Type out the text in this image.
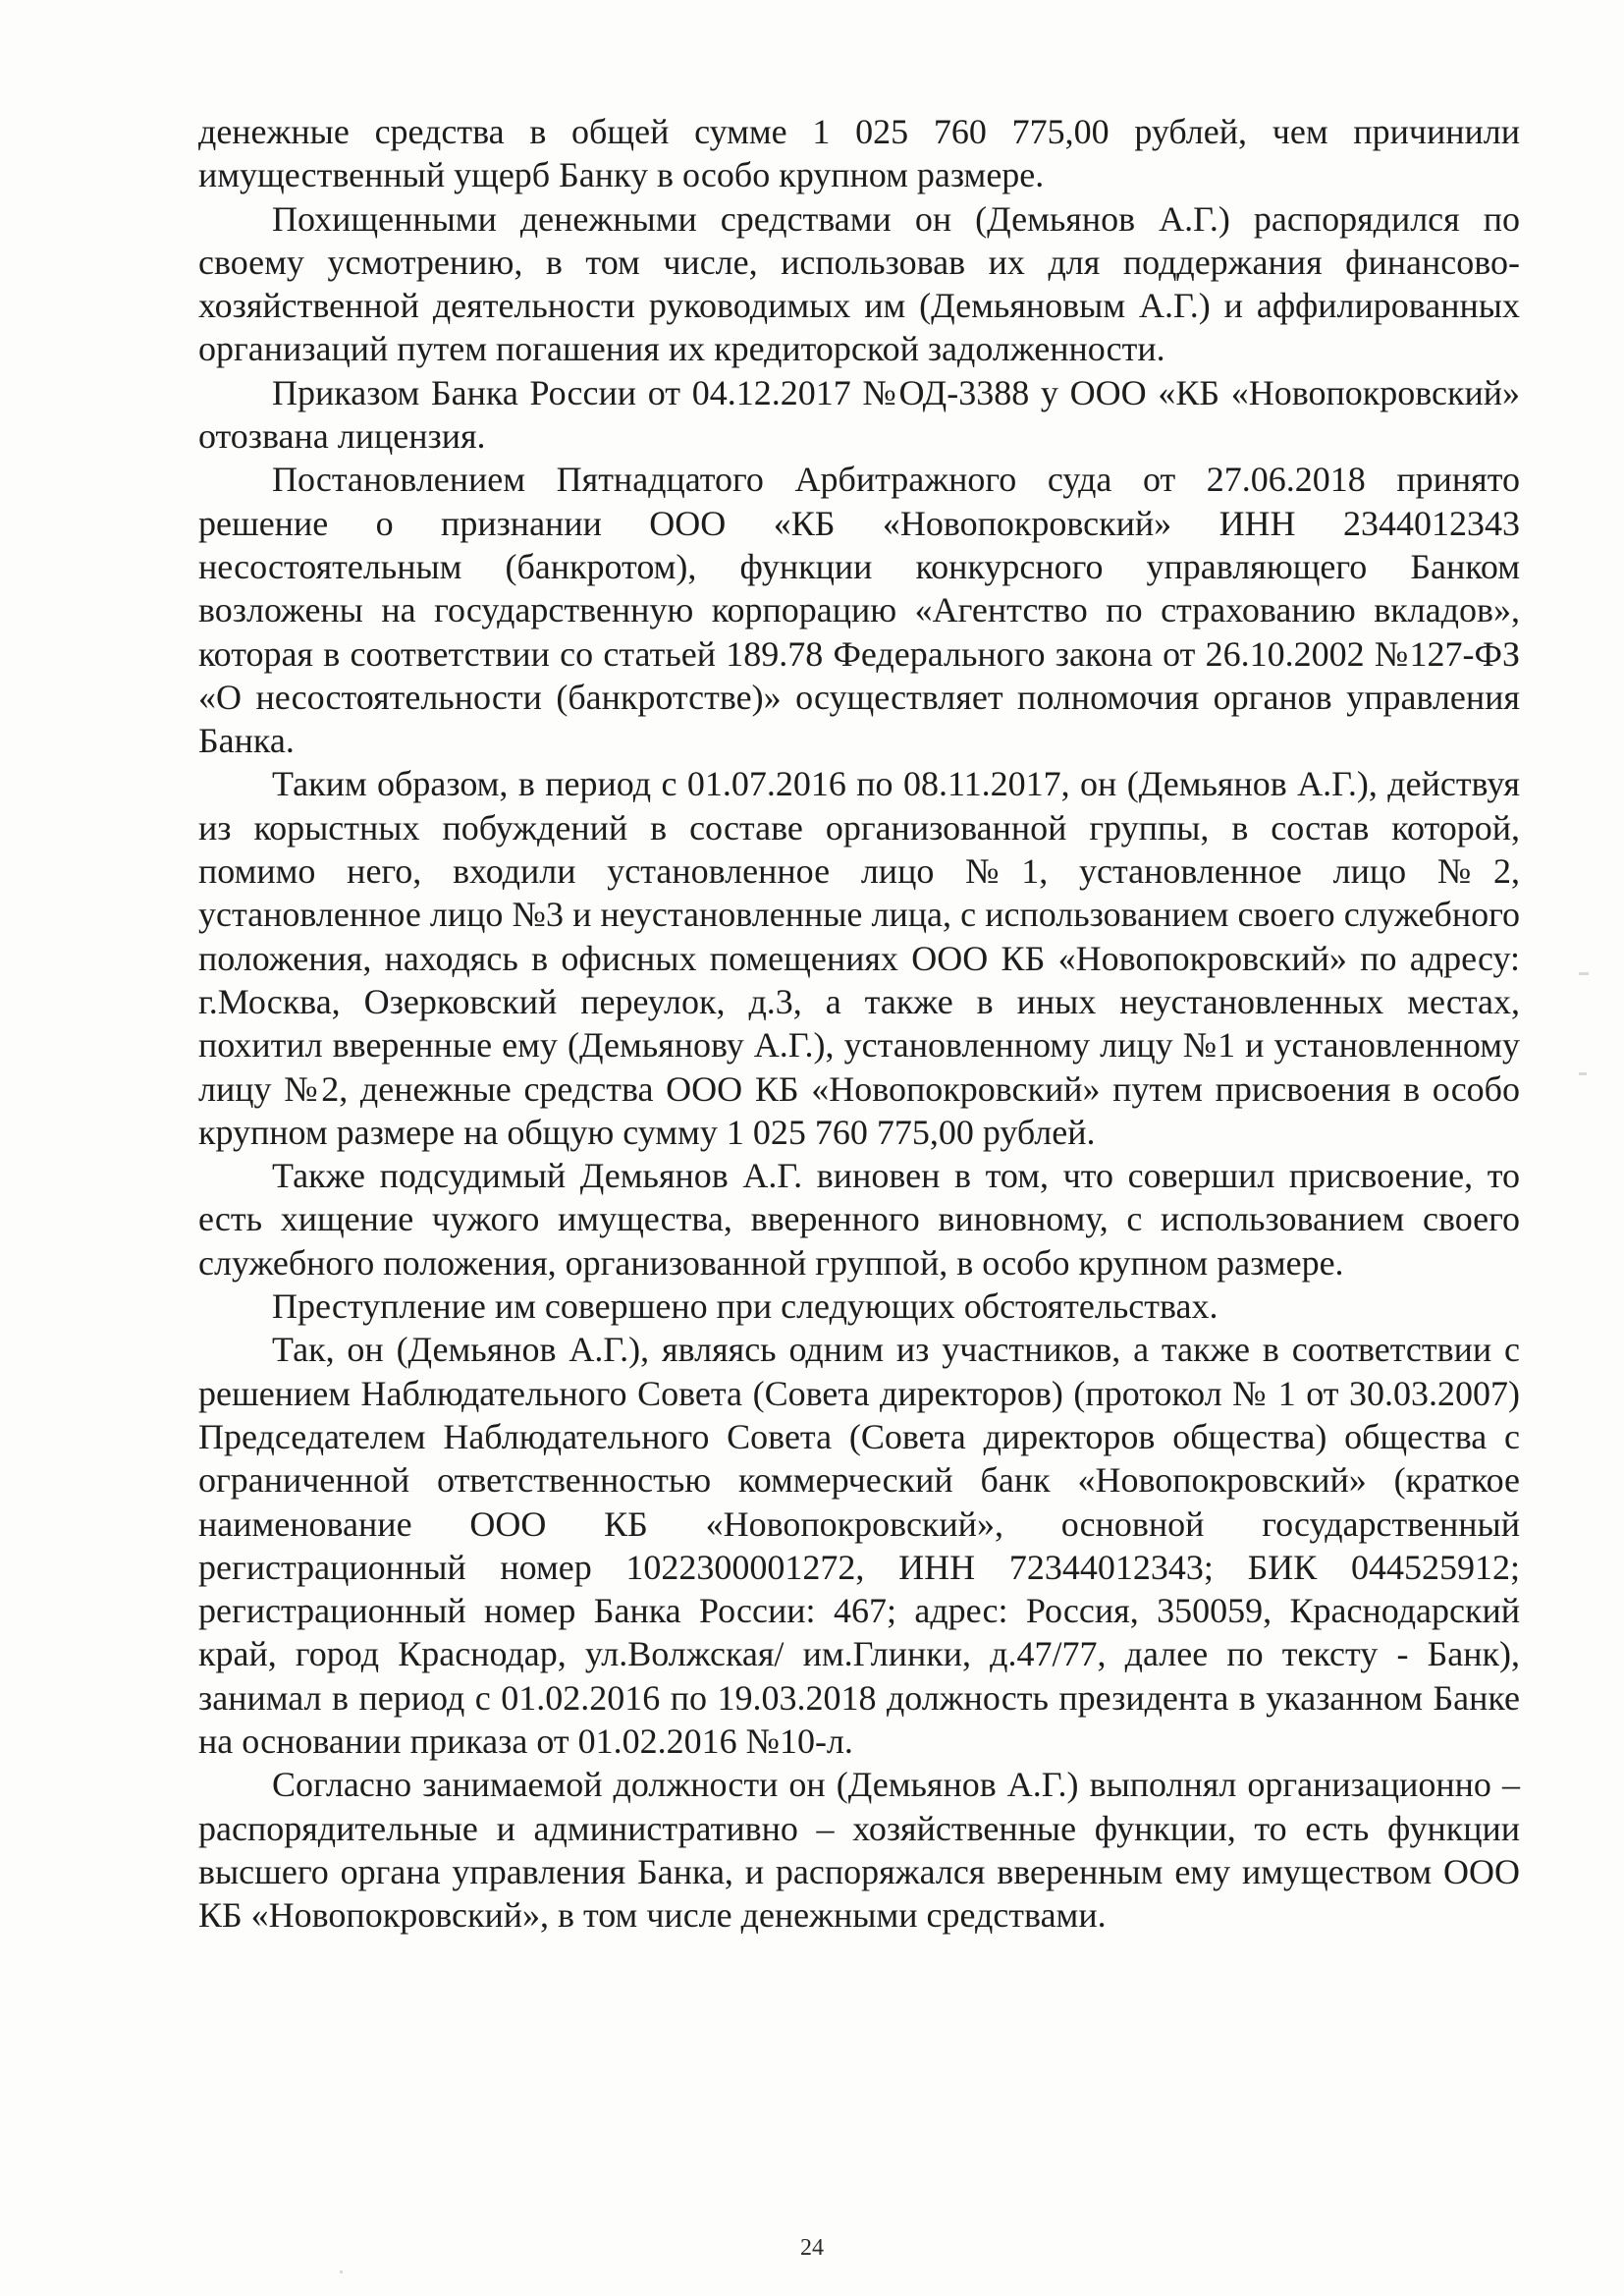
денежные средства в общей сумме 1 025 760 775,00 рублей, чем причинили имущественный ущерб Банку в особо крупном размере.

Похищенными денежными средствами он (Демьянов А.Г.) распорядился по своему усмотрению, в том числе, использовав их для поддержания финансово-хозяйственной деятельности руководимых им (Демьяновым А.Г.) и аффилированных организаций путем погашения их кредиторской задолженности.

Приказом Банка России от 04.12.2017 №ОД-3388 у ООО «КБ «Новопокровский» отозвана лицензия.

Постановлением Пятнадцатого Арбитражного суда от 27.06.2018 принято решение о признании ООО «КБ «Новопокровский» ИНН 2344012343 несостоятельным (банкротом), функции конкурсного управляющего Банком возложены на государственную корпорацию «Агентство по страхованию вкладов», которая в соответствии со статьей 189.78 Федерального закона от 26.10.2002 №127-ФЗ «О несостоятельности (банкротстве)» осуществляет полномочия органов управления Банка.

Таким образом, в период с 01.07.2016 по 08.11.2017, он (Демьянов А.Г.), действуя из корыстных побуждений в составе организованной группы, в состав которой, помимо него, входили установленное лицо №1, установленное лицо №2, установленное лицо №3 и неустановленные лица, с использованием своего служебного положения, находясь в офисных помещениях ООО КБ «Новопокровский» по адресу: г.Москва, Озерковский переулок, д.3, а также в иных неустановленных местах, похитил вверенные ему (Демьянову А.Г.), установленному лицу №1 и установленному лицу №2, денежные средства ООО КБ «Новопокровский» путем присвоения в особо крупном размере на общую сумму 1 025 760 775,00 рублей.

Также подсудимый Демьянов А.Г. виновен в том, что совершил присвоение, то есть хищение чужого имущества, вверенного виновному, с использованием своего служебного положения, организованной группой, в особо крупном размере.

Преступление им совершено при следующих обстоятельствах.

Так, он (Демьянов А.Г.), являясь одним из участников, а также в соответствии с решением Наблюдательного Совета (Совета директоров) (протокол № 1 от 30.03.2007) Председателем Наблюдательного Совета (Совета директоров общества) общества с ограниченной ответственностью коммерческий банк «Новопокровский» (краткое наименование ООО КБ «Новопокровский», основной государственный регистрационный номер 1022300001272, ИНН 72344012343; БИК 044525912; регистрационный номер Банка России: 467; адрес: Россия, 350059, Краснодарский край, город Краснодар, ул.Волжская/ им.Глинки, д.47/77, далее по тексту - Банк), занимал в период с 01.02.2016 по 19.03.2018 должность президента в указанном Банке на основании приказа от 01.02.2016 №10-л.

Согласно занимаемой должности он (Демьянов А.Г.) выполнял организационно – распорядительные и административно – хозяйственные функции, то есть функции высшего органа управления Банка, и распоряжался вверенным ему имуществом ООО КБ «Новопокровский», в том числе денежными средствами.

24
